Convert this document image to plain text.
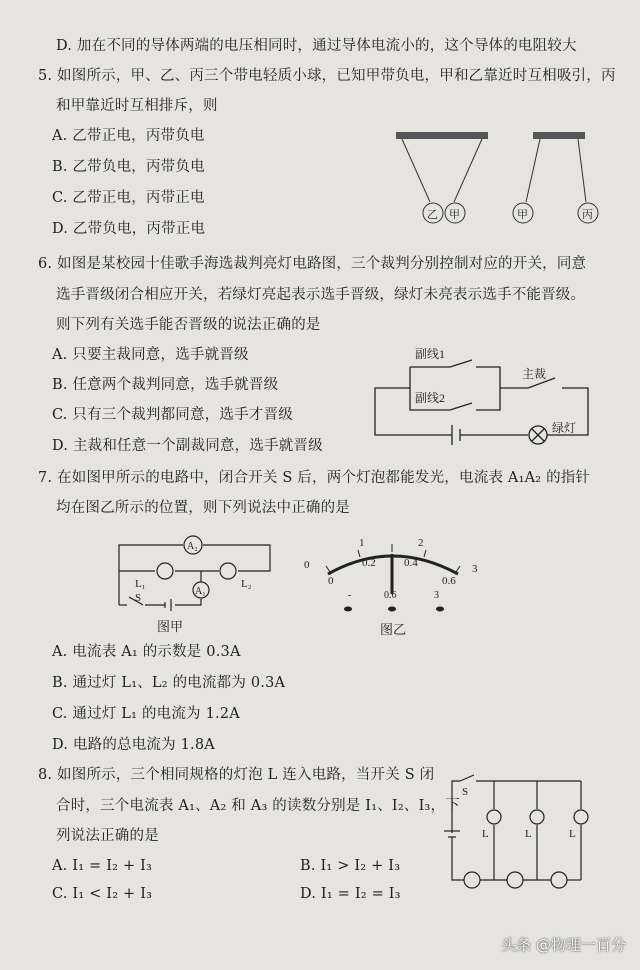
D. 加在不同的导体两端的电压相同时，通过导体电流小的，这个导体的电阻较大
5. 如图所示，甲、乙、丙三个带电轻质小球，已知甲带负电，甲和乙靠近时互相吸引，丙
和甲靠近时互相排斥，则
A. 乙带正电，丙带负电
B. 乙带负电，丙带负电
C. 乙带正电，丙带正电
D. 乙带负电，丙带正电
乙 甲	甲	丙
6. 如图是某校园十佳歌手海选裁判亮灯电路图，三个裁判分别控制对应的开关，同意
选手晋级闭合相应开关，若绿灯亮起表示选手晋级，绿灯未亮表示选手不能晋级。
则下列有关选手能否晋级的说法正确的是
A. 只要主裁同意，选手就晋级
B. 任意两个裁判同意，选手就晋级
C. 只有三个裁判都同意，选手才晋级
D. 主裁和任意一个副裁同意，选手就晋级
副线1
副线2
主裁
绿灯
7. 在如图甲所示的电路中，闭合开关 S 后，两个灯泡都能发光，电流表 A₁A₂ 的指针
均在图乙所示的位置，则下列说法中正确的是
A₂
A₁
L₁	L₂
S
图甲
0
1	2
3
0
0.2	0.4
0.6
-	0.6	3
图乙
A. 电流表 A₁ 的示数是 0.3A
B. 通过灯 L₁、L₂ 的电流都为 0.3A
C. 通过灯 L₁ 的电流为 1.2A
D. 电路的总电流为 1.8A
8. 如图所示，三个相同规格的灯泡 L 连入电路，当开关 S 闭
合时，三个电流表 A₁、A₂ 和 A₃ 的读数分别是 I₁、I₂、I₃，下
列说法正确的是
A. I₁ = I₂ + I₃	B. I₁ > I₂ + I₃
C. I₁ < I₂ + I₃	D. I₁ = I₂ = I₃
S
L	L	L
头条 @物理一百分
